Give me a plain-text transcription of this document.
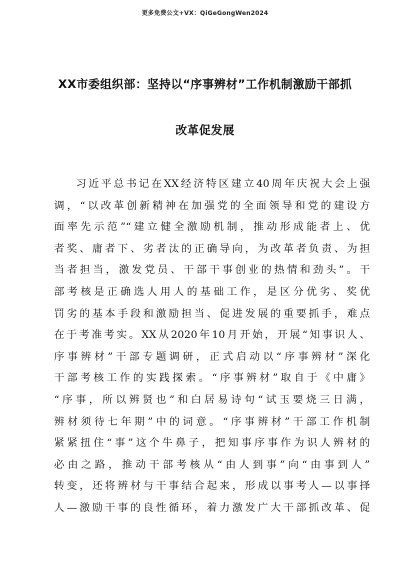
更多免费公文+VX：QiGeGongWen2024
XX市委组织部：坚持以“序事辨材”工作机制激励干部抓
改革促发展
习近平总书记在XX经济特区建立40周年庆祝大会上强
调，“以改革创新精神在加强党的全面领导和党的建设方
面率先示范”“建立健全激励机制，推动形成能者上、优
者奖、庸者下、劣者汰的正确导向，为改革者负责、为担
当者担当，激发党员、干部干事创业的热情和劲头”。干
部考核是正确选人用人的基础工作，是区分优劣、奖优
罚劣的基本手段和激励担当、促进发展的重要抓手，难点
在于考准考实。XX从2020年10月开始，开展“知事识人、
序事辨材”干部专题调研，正式启动以“序事辨材”深化
干部考核工作的实践探索。“序事辨材”取自于《中庸》
“序事，所以辨贤也”和白居易诗句“试玉要烧三日满，
辨材须待七年期”中的词意。“序事辨材”干部工作机制
紧紧扭住“事”这个牛鼻子，把知事序事作为识人辨材的
必由之路，推动干部考核从“由人到事”向“由事到人”
转变，还将辨材与干事结合起来，形成以事考人—以事择
人—激励干事的良性循环，着力激发广大干部抓改革、促
